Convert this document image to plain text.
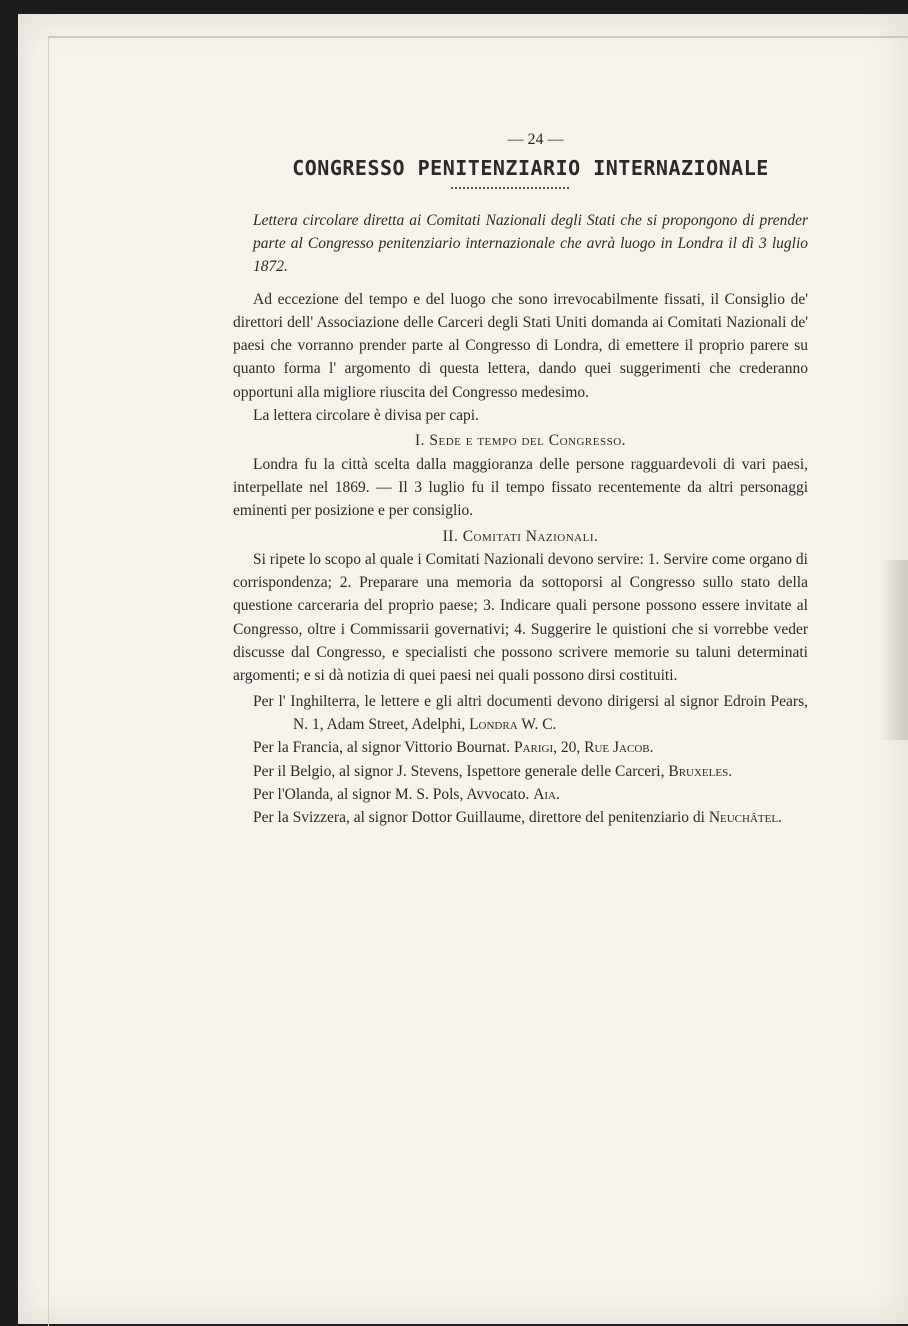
— 24 —
CONGRESSO PENITENZIARIO INTERNAZIONALE
Lettera circolare diretta ai Comitati Nazionali degli Stati che si propongono di prender parte al Congresso penitenziario internazionale che avrà luogo in Londra il dì 3 luglio 1872.

Ad eccezione del tempo e del luogo che sono irrevocabilmente fissati, il Consiglio de' direttori dell' Associazione delle Carceri degli Stati Uniti domanda ai Comitati Nazionali de' paesi che vorranno prender parte al Congresso di Londra, di emettere il proprio parere su quanto forma l' argomento di questa lettera, dando quei suggerimenti che crederanno opportuni alla migliore riuscita del Congresso medesimo.

La lettera circolare è divisa per capi.

I. Sede e tempo del Congresso.

Londra fu la città scelta dalla maggioranza delle persone ragguardevoli di vari paesi, interpellate nel 1869. — Il 3 luglio fu il tempo fissato recentemente da altri personaggi eminenti per posizione e per consiglio.

II. Comitati Nazionali.

Si ripete lo scopo al quale i Comitati Nazionali devono servire: 1. Servire come organo di corrispondenza; 2. Preparare una memoria da sottoporsi al Congresso sullo stato della questione carceraria del proprio paese; 3. Indicare quali persone possono essere invitate al Congresso, oltre i Commissarii governativi; 4. Suggerire le quistioni che si vorrebbe veder discusse dal Congresso, e specialisti che possono scrivere memorie su taluni determinati argomenti; e si dà notizia di quei paesi nei quali possono dirsi costituiti.

Per l' Inghilterra, le lettere e gli altri documenti devono dirigersi al signor Edroin Pears, N. 1, Adam Street, Adelphi, Londra W. C.
Per la Francia, al signor Vittorio Bournat. Parigi, 20, Rue Jacob.
Per il Belgio, al signor J. Stevens, Ispettore generale delle Carceri, Bruxeles.
Per l'Olanda, al signor M. S. Pols, Avvocato. Aia.
Per la Svizzera, al signor Dottor Guillaume, direttore del penitenziario di Neuchâtel.
